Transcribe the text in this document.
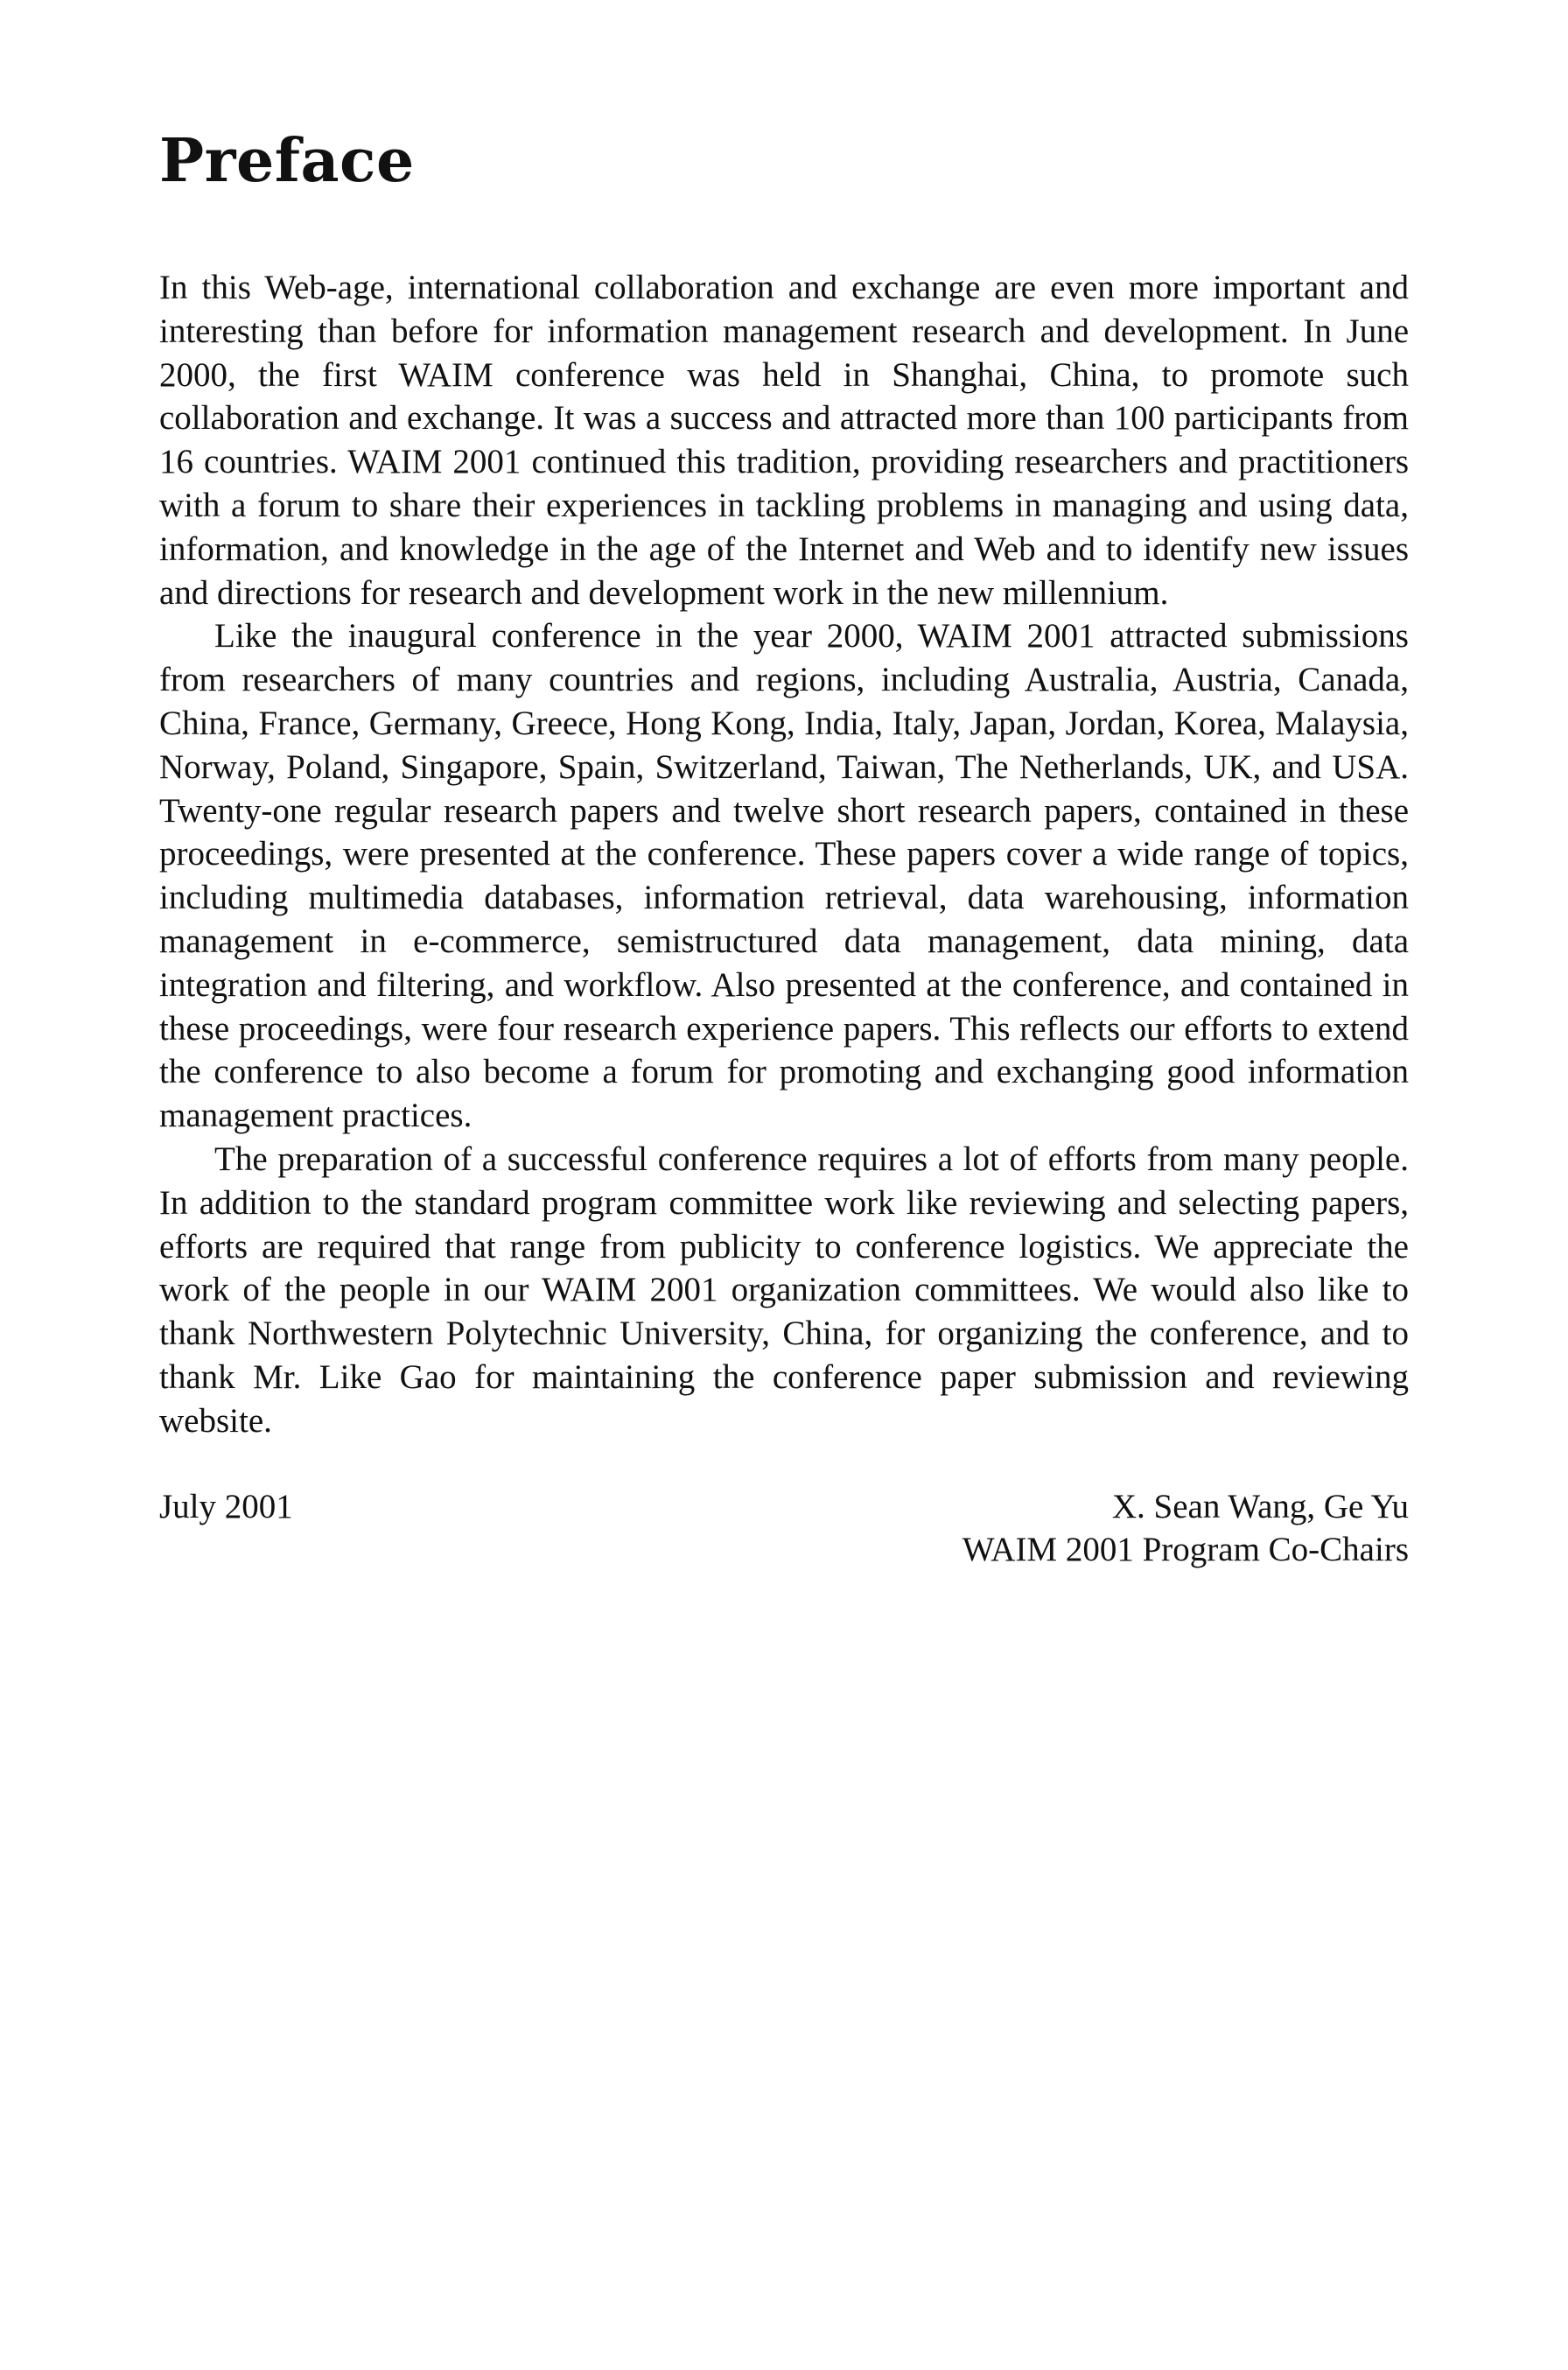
Preface

In this Web-age, international collaboration and exchange are even more important and interesting than before for information management research and development. In June 2000, the first WAIM conference was held in Shanghai, China, to promote such collaboration and exchange. It was a success and attracted more than 100 participants from 16 countries. WAIM 2001 continued this tradition, providing researchers and practitioners with a forum to share their experiences in tackling problems in managing and using data, information, and knowledge in the age of the Internet and Web and to identify new issues and directions for research and development work in the new millennium.

Like the inaugural conference in the year 2000, WAIM 2001 attracted submissions from researchers of many countries and regions, including Australia, Austria, Canada, China, France, Germany, Greece, Hong Kong, India, Italy, Japan, Jordan, Korea, Malaysia, Norway, Poland, Singapore, Spain, Switzerland, Taiwan, The Netherlands, UK, and USA. Twenty-one regular research papers and twelve short research papers, contained in these proceedings, were presented at the conference. These papers cover a wide range of topics, including multimedia databases, information retrieval, data warehousing, information management in e-commerce, semistructured data management, data mining, data integration and filtering, and workflow. Also presented at the conference, and contained in these proceedings, were four research experience papers. This reflects our efforts to extend the conference to also become a forum for promoting and exchanging good information management practices.

The preparation of a successful conference requires a lot of efforts from many people. In addition to the standard program committee work like reviewing and selecting papers, efforts are required that range from publicity to conference logistics. We appreciate the work of the people in our WAIM 2001 organization committees. We would also like to thank Northwestern Polytechnic University, China, for organizing the conference, and to thank Mr. Like Gao for maintaining the conference paper submission and reviewing website.

July 2001	X. Sean Wang, Ge Yu
WAIM 2001 Program Co-Chairs
